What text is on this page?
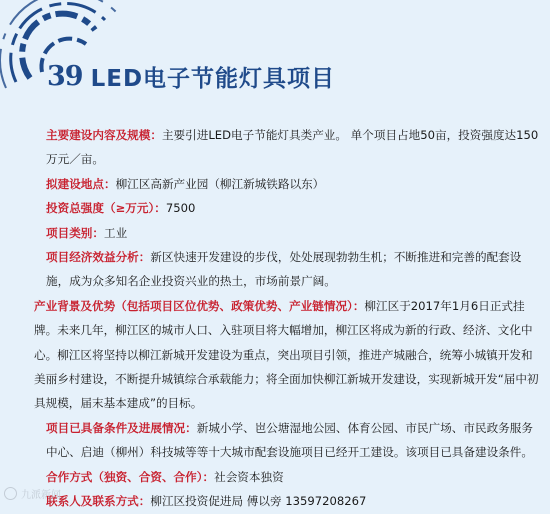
39 LED电子节能灯具项目

主要建设内容及规模：主要引进LED电子节能灯具类产业。 单个项目占地50亩，投资强度达150万元／亩。

拟建设地点：柳江区高新产业园（柳江新城铁路以东）

投资总强度（≥万元）：7500

项目类别：工业

项目经济效益分析：新区快速开发建设的步伐，处处展现勃勃生机；不断推进和完善的配套设施，成为众多知名企业投资兴业的热土，市场前景广阔。

产业背景及优势（包括项目区位优势、政策优势、产业链情况）：柳江区于2017年1月6日正式挂牌。未来几年，柳江区的城市人口、入驻项目将大幅增加，柳江区将成为新的行政、经济、文化中心。柳江区将坚持以柳江新城开发建设为重点，突出项目引领，推进产城融合，统筹小城镇开发和美丽乡村建设，不断提升城镇综合承载能力；将全面加快柳江新城开发建设，实现新城开发“届中初具规模，届末基本建成”的目标。

项目已具备条件及进展情况：新城小学、岜公塘湿地公园、体育公园、市民广场、市民政务服务中心、启迪（柳州）科技城等等十大城市配套设施项目已经开工建设。该项目已具备建设条件。

合作方式（独资、合资、合作）：社会资本独资

联系人及联系方式：柳江区投资促进局 傅以旁 13597208267

九派新闻
